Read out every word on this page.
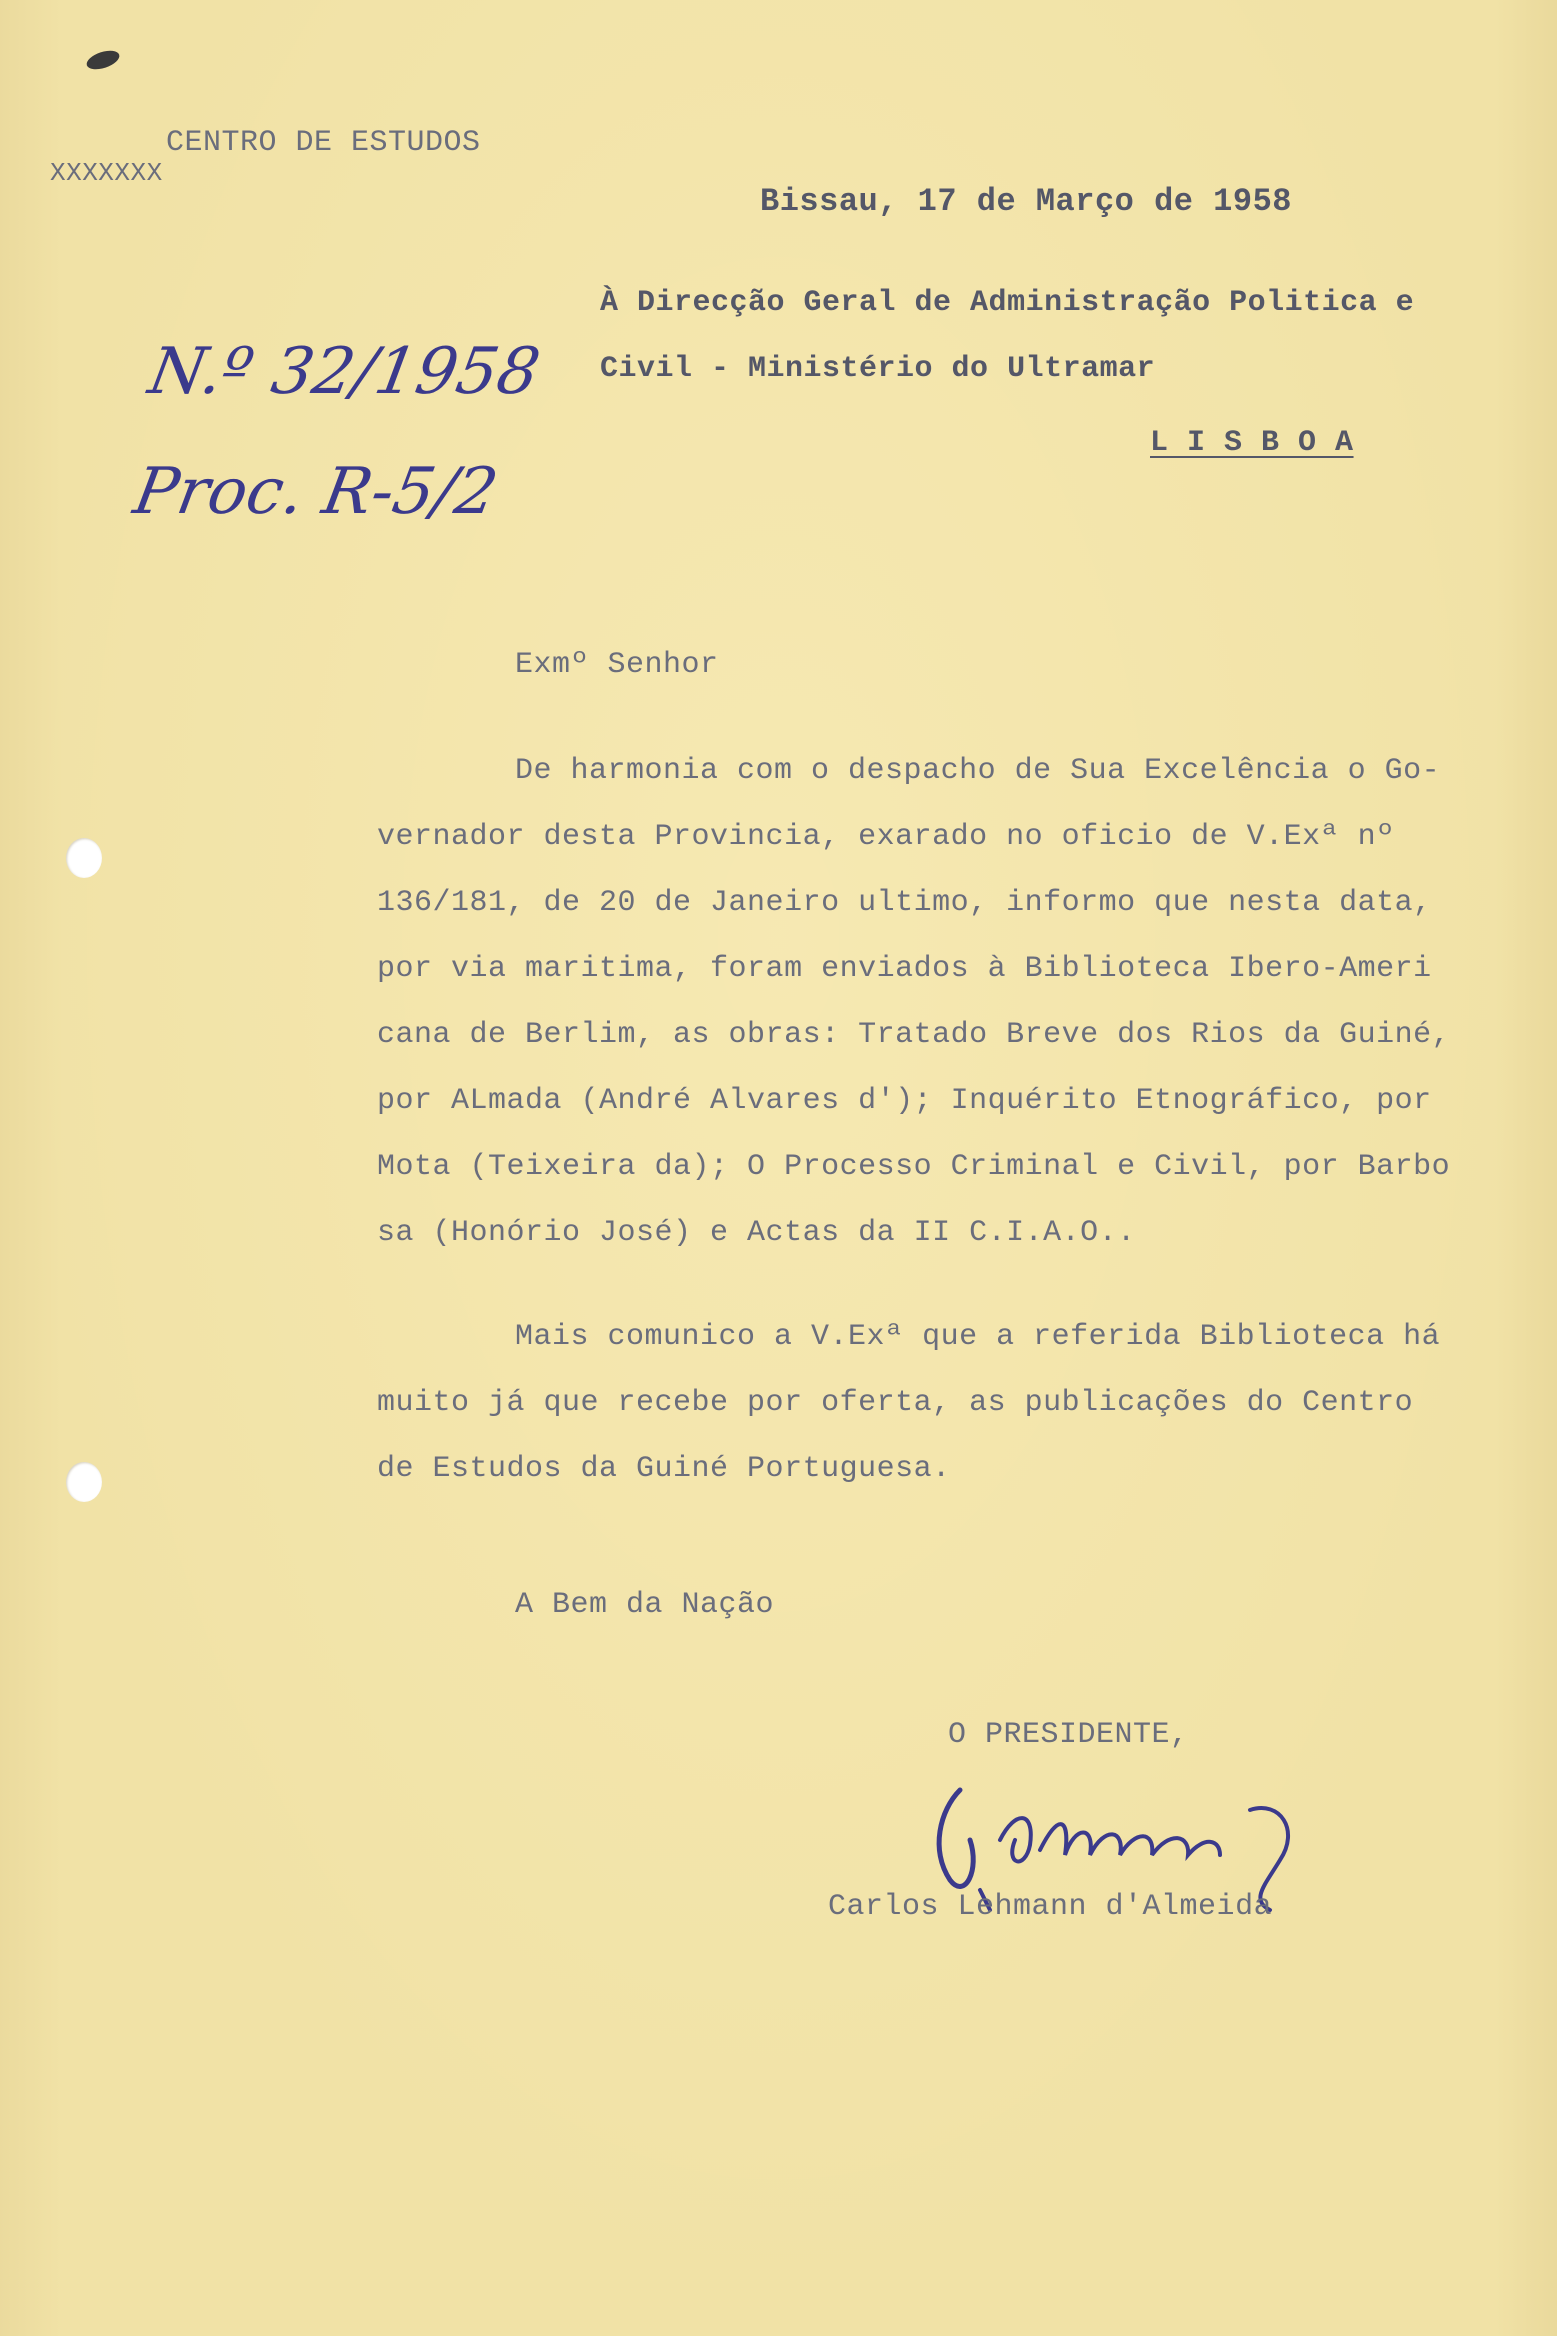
CENTRO DE ESTUDOS
XXXXXXX
Bissau, 17 de Março de 1958
À Direcção Geral de Administração Politica e
Civil - Ministério do Ultramar
L I S B O A
N.º 32/1958
Proc. R-5/2
Exmº Senhor
De harmonia com o despacho de Sua Excelência o Go-
vernador desta Provincia, exarado no oficio de V.Exª nº
136/181, de 20 de Janeiro ultimo, informo que nesta data,
por via maritima, foram enviados à Biblioteca Ibero-Ameri
cana de Berlim, as obras: Tratado Breve dos Rios da Guiné,
por ALmada (André Alvares d'); Inquérito Etnográfico, por
Mota (Teixeira da); O Processo Criminal e Civil, por Barbo
sa (Honório José) e Actas da II C.I.A.O..
Mais comunico a V.Exª que a referida Biblioteca há
muito já que recebe por oferta, as publicações do Centro
de Estudos da Guiné Portuguesa.
A Bem da Nação
O PRESIDENTE,
Carlos Lehmann d'Almeida
